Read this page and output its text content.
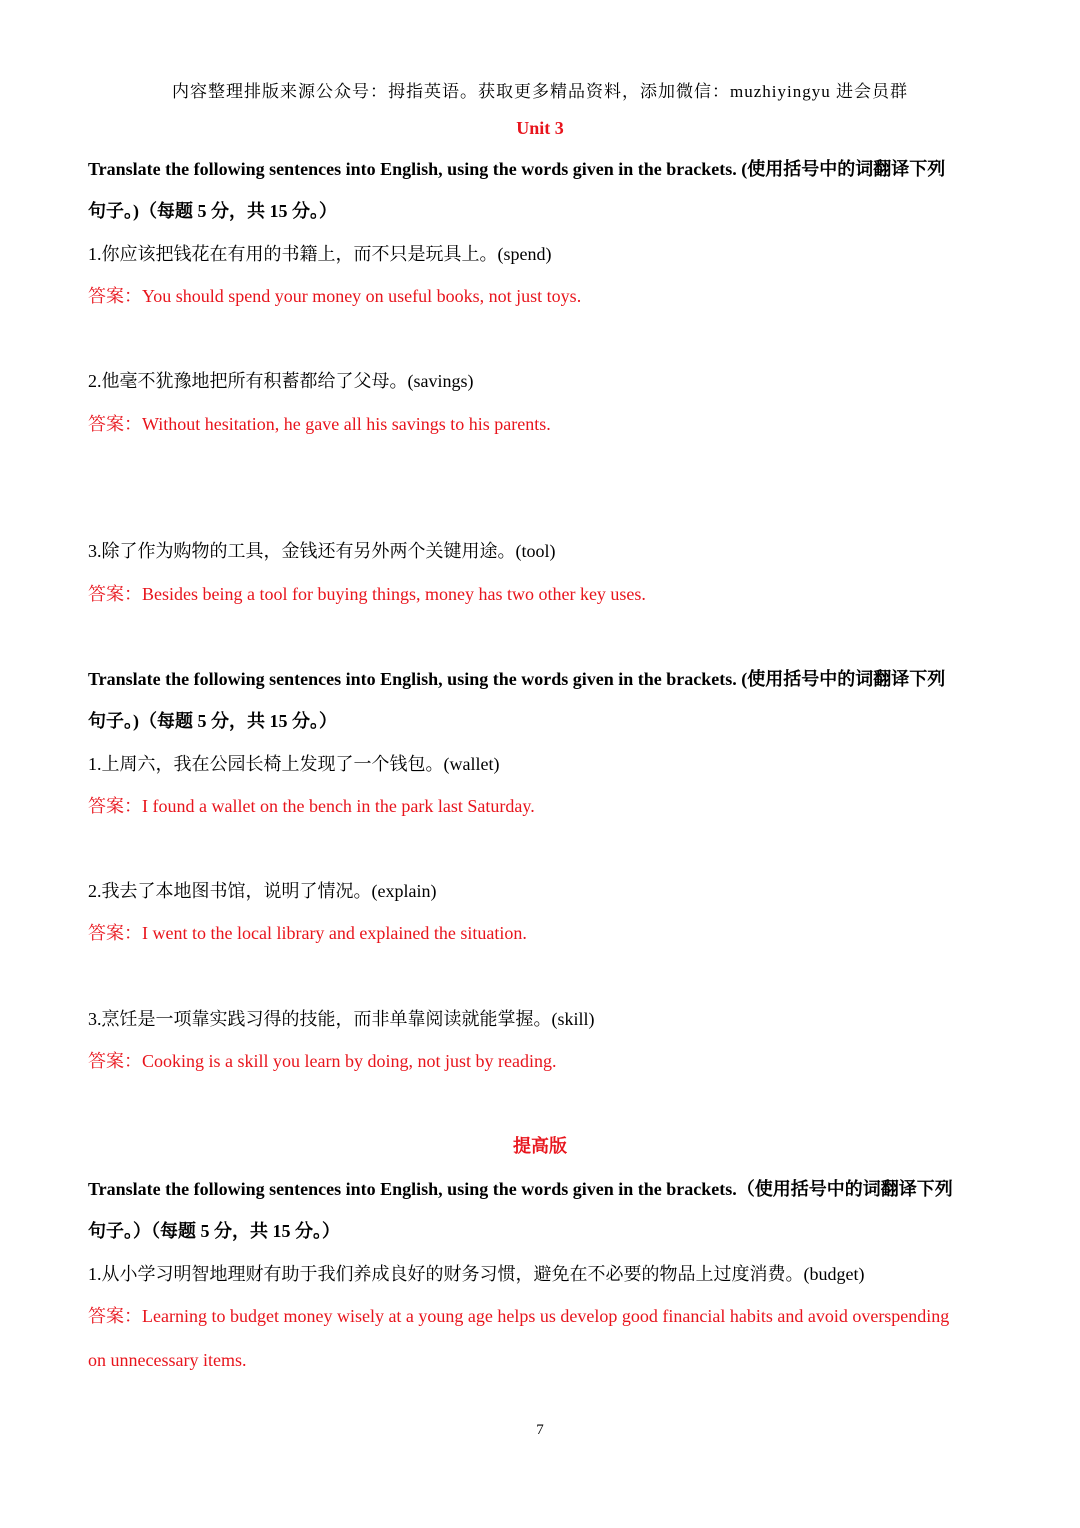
内容整理排版来源公众号：拇指英语。获取更多精品资料，添加微信：muzhiyingyu 进会员群
Unit 3
Translate the following sentences into English, using the words given in the brackets. (使用括号中的词翻译下列
句子。)（每题 5 分，共 15 分。）
1.你应该把钱花在有用的书籍上，而不只是玩具上。(spend)
答案：You should spend your money on useful books, not just toys.
2.他毫不犹豫地把所有积蓄都给了父母。(savings)
答案：Without hesitation, he gave all his savings to his parents.
3.除了作为购物的工具，金钱还有另外两个关键用途。(tool)
答案：Besides being a tool for buying things, money has two other key uses.
Translate the following sentences into English, using the words given in the brackets. (使用括号中的词翻译下列
句子。)（每题 5 分，共 15 分。）
1.上周六，我在公园长椅上发现了一个钱包。(wallet)
答案：I found a wallet on the bench in the park last Saturday.
2.我去了本地图书馆，说明了情况。(explain)
答案：I went to the local library and explained the situation.
3.烹饪是一项靠实践习得的技能，而非单靠阅读就能掌握。(skill)
答案：Cooking is a skill you learn by doing, not just by reading.
提高版
Translate the following sentences into English, using the words given in the brackets.（使用括号中的词翻译下列
句子。）（每题 5 分，共 15 分。）
1.从小学习明智地理财有助于我们养成良好的财务习惯，避免在不必要的物品上过度消费。(budget)
答案：Learning to budget money wisely at a young age helps us develop good financial habits and avoid overspending
on unnecessary items.
7
